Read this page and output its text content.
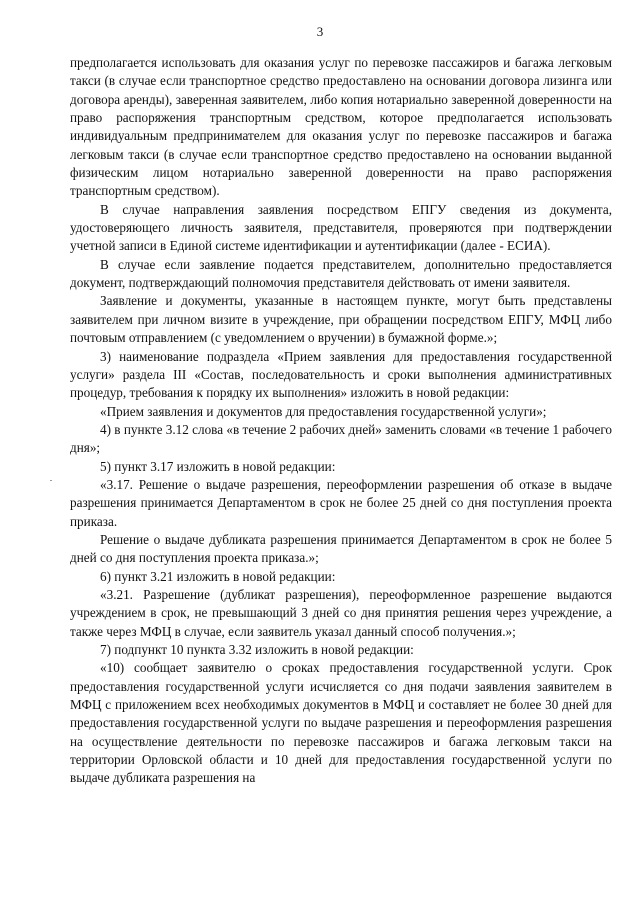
3

предполагается использовать для оказания услуг по перевозке пассажиров и багажа легковым такси (в случае если транспортное средство предоставлено на основании договора лизинга или договора аренды), заверенная заявителем, либо копия нотариально заверенной доверенности на право распоряжения транспортным средством, которое предполагается использовать индивидуальным предпринимателем для оказания услуг по перевозке пассажиров и багажа легковым такси (в случае если транспортное средство предоставлено на основании выданной физическим лицом нотариально заверенной доверенности на право распоряжения транспортным средством).

В случае направления заявления посредством ЕПГУ сведения из документа, удостоверяющего личность заявителя, представителя, проверяются при подтверждении учетной записи в Единой системе идентификации и аутентификации (далее - ЕСИА).

В случае если заявление подается представителем, дополнительно предоставляется документ, подтверждающий полномочия представителя действовать от имени заявителя.

Заявление и документы, указанные в настоящем пункте, могут быть представлены заявителем при личном визите в учреждение, при обращении посредством ЕПГУ, МФЦ либо почтовым отправлением (с уведомлением о вручении) в бумажной форме.»;

3) наименование подраздела «Прием заявления для предоставления государственной услуги» раздела III «Состав, последовательность и сроки выполнения административных процедур, требования к порядку их выполнения» изложить в новой редакции:

«Прием заявления и документов для предоставления государственной услуги»;

4) в пункте 3.12 слова «в течение 2 рабочих дней» заменить словами «в течение 1 рабочего дня»;

5) пункт 3.17 изложить в новой редакции:

«3.17. Решение о выдаче разрешения, переоформлении разрешения об отказе в выдаче разрешения принимается Департаментом в срок не более 25 дней со дня поступления проекта приказа.

Решение о выдаче дубликата разрешения принимается Департаментом в срок не более 5 дней со дня поступления проекта приказа.»;

6) пункт 3.21 изложить в новой редакции:

«3.21. Разрешение (дубликат разрешения), переоформленное разрешение выдаются учреждением в срок, не превышающий 3 дней со дня принятия решения через учреждение, а также через МФЦ в случае, если заявитель указал данный способ получения.»;

7) подпункт 10 пункта 3.32 изложить в новой редакции:

«10) сообщает заявителю о сроках предоставления государственной услуги. Срок предоставления государственной услуги исчисляется со дня подачи заявления заявителем в МФЦ с приложением всех необходимых документов в МФЦ и составляет не более 30 дней для предоставления государственной услуги по выдаче разрешения и переоформления разрешения на осуществление деятельности по перевозке пассажиров и багажа легковым такси на территории Орловской области и 10 дней для предоставления государственной услуги по выдаче дубликата разрешения на
